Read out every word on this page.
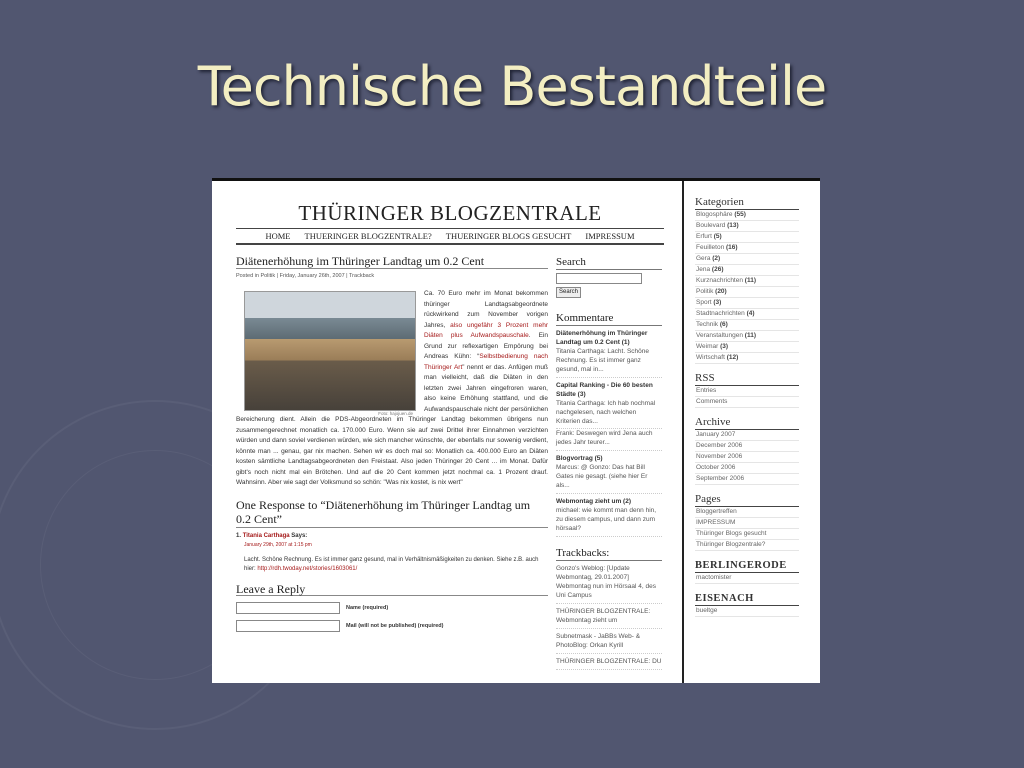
Technische Bestandteile
THÜRINGER BLOGZENTRALE
HOME THUERINGER BLOGZENTRALE? THUERINGER BLOGS GESUCHT IMPRESSUM
Diätenerhöhung im Thüringer Landtag um 0.2 Cent
Posted in Politik | Friday, January 26th, 2007 | Trackback
Foto: hajojuen.de

Ca. 70 Euro mehr im Monat bekommen thüringer Landtagsabgeordnete rückwirkend zum November vorigen Jahres, also ungefähr 3 Prozent mehr Diäten plus Aufwandspauschale. Ein Grund zur reflexartigen Empörung bei Andreas Kühn: “Selbstbedienung nach Thüringer Art” nennt er das. Anfügen muß man vielleicht, daß die Diäten in den letzten zwei Jahren eingefroren waren, also keine Erhöhung stattfand, und die Aufwandspauschale nicht der persönlichen Bereicherung dient. Allein die PDS-Abgeordneten im Thüringer Landtag bekommen übrigens nun zusammengerechnet monatlich ca. 170.000 Euro. Wenn sie auf zwei Drittel ihrer Einnahmen verzichten würden und dann soviel verdienen würden, wie sich mancher wünschte, der ebenfalls nur sowenig verdient, könnte man ... genau, gar nix machen. Sehen wir es doch mal so: Monatlich ca. 400.000 Euro an Diäten kosten sämtliche Landtagsabgeordneten den Freistaat. Also jeden Thüringer 20 Cent ... im Monat. Dafür gibt's noch nicht mal ein Brötchen. Und auf die 20 Cent kommen jetzt nochmal ca. 1 Prozent drauf. Wahnsinn. Aber wie sagt der Volksmund so schön: "Was nix kostet, is nix wert"

One Response to “Diätenerhöhung im Thüringer Landtag um 0.2 Cent”
1. Titania Carthaga Says:
January 29th, 2007 at 1:15 pm
Lacht. Schöne Rechnung. Es ist immer ganz gesund, mal in Verhältnismäßigkeiten zu denken. Siehe z.B. auch hier: http://rdh.twoday.net/stories/1603061/
Leave a Reply
Name (required)
Mail (will not be published) (required)
Search
Search
Kommentare
Diätenerhöhung im Thüringer Landtag um 0.2 Cent (1)
Titania Carthaga: Lacht. Schöne Rechnung. Es ist immer ganz gesund, mal in...
Capital Ranking - Die 60 besten Städte (3)
Titania Carthaga: Ich hab nochmal nachgelesen, nach welchen Kriterien das...
Frank: Deswegen wird Jena auch jedes Jahr teurer...
Blogvortrag (5)
Marcus: @ Gonzo: Das hat Bill Gates nie gesagt. (siehe hier Er als...
Webmontag zieht um (2)
michael: wie kommt man denn hin, zu diesem campus, und dann zum hörsaal?
Trackbacks:
Gonzo's Weblog: [Update Webmontag, 29.01.2007] Webmontag nun im Hörsaal 4, des Uni Campus
THÜRINGER BLOGZENTRALE: Webmontag zieht um
Subnetmask - JaBBs Web- & PhotoBlog: Orkan Kyrill
THÜRINGER BLOGZENTRALE: DU
Kategorien
Blogosphäre (55)
Boulevard (13)
Erfurt (5)
Feuilleton (16)
Gera (2)
Jena (26)
Kurznachrichten (11)
Politik (20)
Sport (3)
Stadtnachrichten (4)
Technik (6)
Veranstaltungen (11)
Weimar (3)
Wirtschaft (12)
RSS
Entries
Comments
Archive
January 2007
December 2006
November 2006
October 2006
September 2006
Pages
Bloggertreffen
IMPRESSUM
Thüringer Blogs gesucht
Thüringer Blogzentrale?
BERLINGERODE
mactomister
EISENACH
bueltge
